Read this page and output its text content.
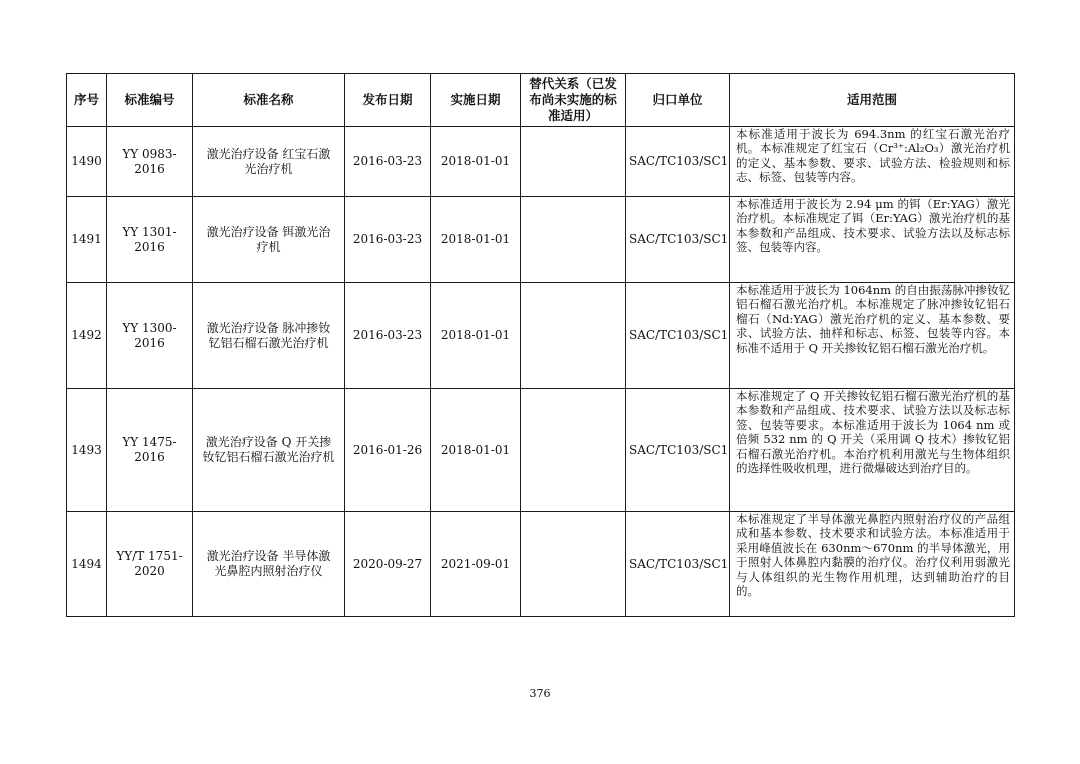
序号	标准编号	标准名称	发布日期	实施日期	替代关系（已发布尚未实施的标准适用）	归口单位	适用范围
1490	YY 0983-2016	激光治疗设备 红宝石激光治疗机	2016-03-23	2018-01-01		SAC/TC103/SC1	本标准适用于波长为 694.3nm 的红宝石激光治疗机。本标准规定了红宝石（Cr³⁺:Al₂O₃）激光治疗机的定义、基本参数、要求、试验方法、检验规则和标志、标签、包装等内容。
1491	YY 1301-2016	激光治疗设备 铒激光治疗机	2016-03-23	2018-01-01		SAC/TC103/SC1	本标准适用于波长为 2.94 μm 的铒（Er:YAG）激光治疗机。本标准规定了铒（Er:YAG）激光治疗机的基本参数和产品组成、技术要求、试验方法以及标志标签、包装等内容。
1492	YY 1300-2016	激光治疗设备 脉冲掺钕钇铝石榴石激光治疗机	2016-03-23	2018-01-01		SAC/TC103/SC1	本标准适用于波长为 1064nm 的自由振荡脉冲掺钕钇铝石榴石激光治疗机。本标准规定了脉冲掺钕钇铝石榴石（Nd:YAG）激光治疗机的定义、基本参数、要求、试验方法、抽样和标志、标签、包装等内容。本标准不适用于 Q 开关掺钕钇铝石榴石激光治疗机。
1493	YY 1475-2016	激光治疗设备 Q 开关掺钕钇铝石榴石激光治疗机	2016-01-26	2018-01-01		SAC/TC103/SC1	本标准规定了 Q 开关掺钕钇铝石榴石激光治疗机的基本参数和产品组成、技术要求、试验方法以及标志标签、包装等要求。本标准适用于波长为 1064 nm 或倍频 532 nm 的 Q 开关（采用调 Q 技术）掺钕钇铝石榴石激光治疗机。本治疗机利用激光与生物体组织的选择性吸收机理，进行微爆破达到治疗目的。
1494	YY/T 1751-2020	激光治疗设备 半导体激光鼻腔内照射治疗仪	2020-09-27	2021-09-01		SAC/TC103/SC1	本标准规定了半导体激光鼻腔内照射治疗仪的产品组成和基本参数、技术要求和试验方法。本标准适用于采用峰值波长在 630nm～670nm 的半导体激光，用于照射人体鼻腔内黏膜的治疗仪。治疗仪利用弱激光与人体组织的光生物作用机理，达到辅助治疗的目的。
376
